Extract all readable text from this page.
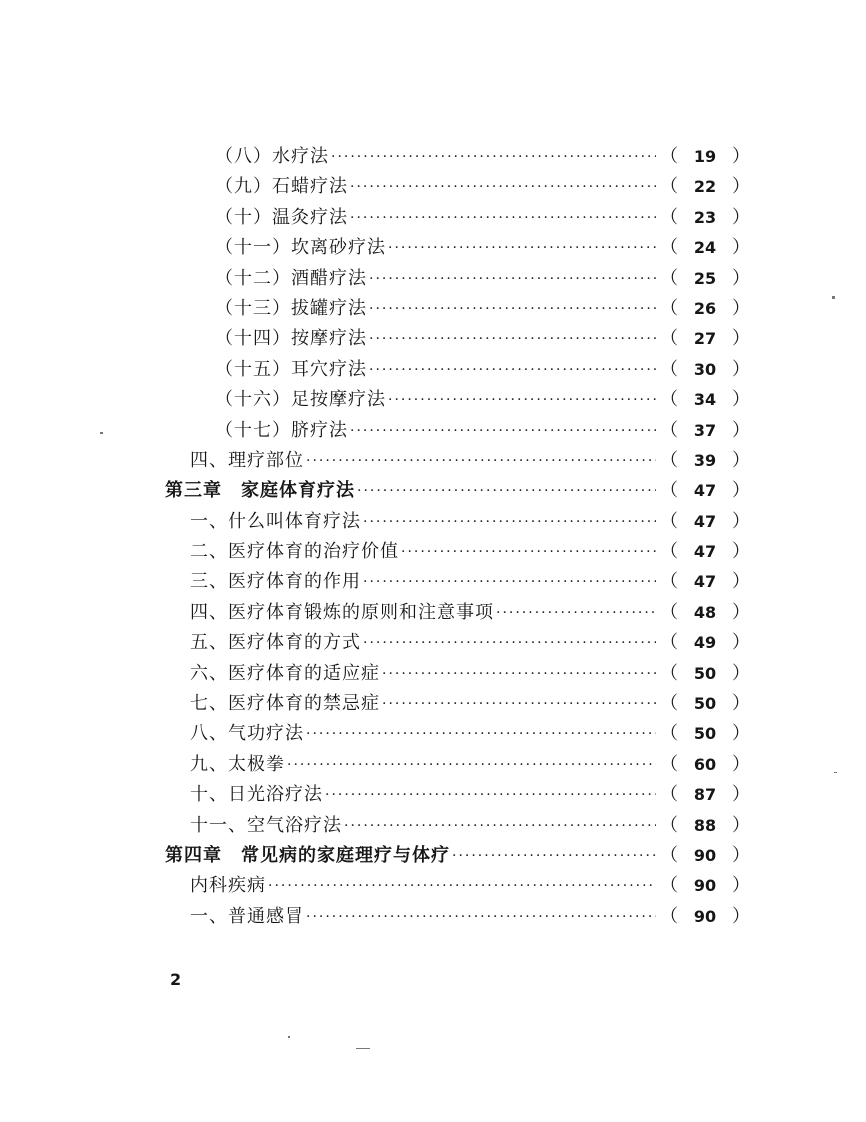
（八）水疗法 ·····	（ 19 ）
（九）石蜡疗法 ·····	（ 22 ）
（十）温灸疗法 ·····	（ 23 ）
（十一）坎离砂疗法 ·····	（ 24 ）
（十二）酒醋疗法 ·····	（ 25 ）
（十三）拔罐疗法 ·····	（ 26 ）
（十四）按摩疗法 ·····	（ 27 ）
（十五）耳穴疗法 ·····	（ 30 ）
（十六）足按摩疗法 ·····	（ 34 ）
（十七）脐疗法 ·····	（ 37 ）
四、理疗部位 ·····	（ 39 ）
第三章　家庭体育疗法 ·····	（ 47 ）
一、什么叫体育疗法 ·····	（ 47 ）
二、医疗体育的治疗价值 ·····	（ 47 ）
三、医疗体育的作用 ·····	（ 47 ）
四、医疗体育锻炼的原则和注意事项 ·····	（ 48 ）
五、医疗体育的方式 ·····	（ 49 ）
六、医疗体育的适应症 ·····	（ 50 ）
七、医疗体育的禁忌症 ·····	（ 50 ）
八、气功疗法 ·····	（ 50 ）
九、太极拳 ·····	（ 60 ）
十、日光浴疗法 ·····	（ 87 ）
十一、空气浴疗法 ·····	（ 88 ）
第四章　常见病的家庭理疗与体疗 ·····	（ 90 ）
内科疾病 ·····	（ 90 ）
一、普通感冒 ·····	（ 90 ）
2
